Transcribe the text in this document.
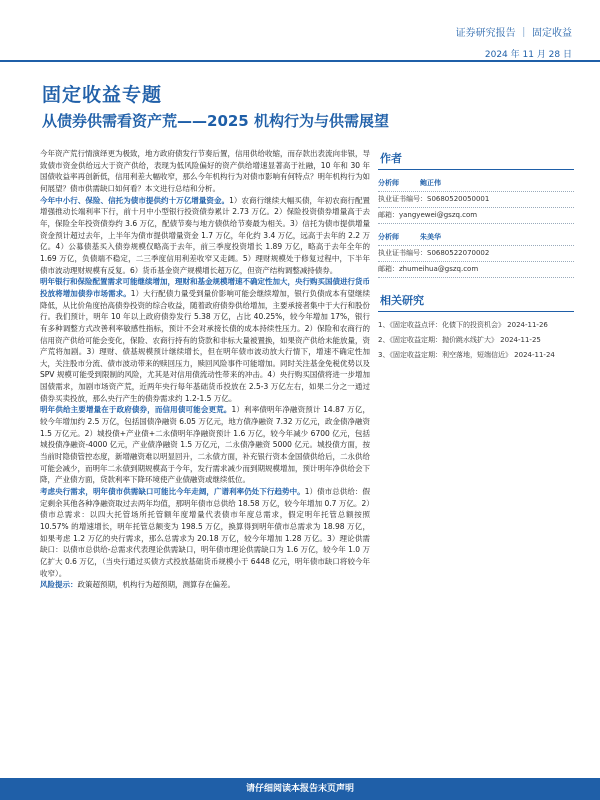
证券研究报告 ｜ 固定收益
2024 年 11 月 28 日
固定收益专题
从债券供需看资产荒——2025 机构行为与供需展望

今年资产荒行情演绎更为极致，地方政府债发行节奏后置，信用供给收缩，而存款出表流向非银，导致债市资金供给远大于资产供给，表现为低风险偏好的资产供给增速显著高于社融，10 年和 30 年国债收益率再创新低，信用利差大幅收窄，那么今年机构行为对债市影响有何特点？明年机构行为如何展望？债市供需缺口如何看？本文进行总结和分析。

今年中小行、保险、信托为债市提供约十万亿增量资金。1）农商行继续大幅买债，年初农商行配置增强推动长端利率下行，前十月中小型银行投资债券累计 2.73 万亿。2）保险投资债券增量高于去年，保险全年投资债券约 3.6 万亿，配债节奏与地方债供给节奏最为相关。3）信托为债市提供增量资金预计超过去年，上半年为债市提供增量资金 1.7 万亿，年化约 3.4 万亿，远高于去年的 2.2 万亿。4）公募债基买入债券规模仅略高于去年，前三季度投资增长 1.89 万亿，略高于去年全年的 1.69 万亿，负债端不稳定，二三季度信用利差收窄又走阔。5）理财规模处于修复过程中，下半年债市波动理财规模有反复。6）货币基金资产规模增长超万亿，但资产结构调整减持债券。

明年银行和保险配置需求可能继续增加，理财和基金规模增速不确定性加大，央行购买国债进行货币投放将增加债券市场需求。1）大行配债力量受到量价影响可能会继续增加，银行负债成本有望继续降低，从比价角度抬高债券投资的综合收益，随着政府债券供给增加，主要承接者集中于大行和股份行。我们预计，明年 10 年以上政府债券发行 5.38 万亿，占比 40.25%，较今年增加 17%，银行有多种调整方式改善利率敏感性指标，预计不会对承接长债的成本持续性压力。2）保险和农商行的信用资产供给可能会变化，保险、农商行持有的贷款和非标大量被置换，如果资产供给未能放量，资产荒将加剧。3）理财、债基规模预计继续增长，但在明年债市波动放大行情下，增速不确定性加大，关注股市分流、债市波动带来的赎回压力，赎回风险事件可能增加。同时关注基金免税优势以及 SPV 规模可能受到限制的风险，尤其是对信用债流动性带来的冲击。4）央行购买国债将进一步增加国债需求，加剧市场资产荒，近两年央行每年基础货币投放在 2.5-3 万亿左右，如果二分之一通过债券买卖投放，那么央行产生的债券需求约 1.2-1.5 万亿。

明年供给主要增量在于政府债券，而信用债可能会更荒。1）利率债明年净融资预计 14.87 万亿，较今年增加约 2.5 万亿，包括国债净融资 6.05 万亿元，地方债净融资 7.32 万亿元，政金债净融资 1.5 万亿元。2）城投债+产业债+二永债明年净融资预计 1.6 万亿，较今年减少 6700 亿元，包括城投债净融资-4000 亿元，产业债净融资 1.5 万亿元，二永债净融资 5000 亿元。城投债方面，按当前时隐债管控态度，新增融资难以明显回升，二永债方面，补充银行资本金国债供给后，二永供给可能会减少，而明年二永债到期规模高于今年，发行需求减少而到期规模增加，预计明年净供给会下降，产业债方面，贷款利率下降环境使产业债融资或继续低位。

考虑央行需求，明年债市供需缺口可能比今年走阔，广谱利率仍处下行趋势中。1）债市总供给：假定剩余其他各种净融资取过去两年均值，那明年债市总供给 18.58 万亿，较今年增加 0.7 万亿。2）债市总需求：以四大托管场所托管额年度增量代表债市年度总需求，假定明年托管总额按照 10.57% 的增速增长，明年托管总额变为 198.5 万亿，换算得到明年债市总需求为 18.98 万亿，如果考虑 1.2 万亿的央行需求，那么总需求为 20.18 万亿，较今年增加 1.28 万亿。3）理论供需缺口：以债市总供给-总需求代表理论供需缺口，明年债市理论供需缺口为 1.6 万亿，较今年 1.0 万亿扩大 0.6 万亿，（当央行通过买债方式投放基础货币规模小于 6448 亿元，明年债市缺口将较今年收窄）。

风险提示：政策超预期，机构行为超预期，测算存在偏差。

作者
分析师	鲍正伟
执业证书编号：S0680520050001
邮箱：yangyewei@gszq.com
分析师	朱美华
执业证书编号：S0680522070002
邮箱：zhumeihua@gszq.com
相关研究
1、《固定收益点评：化债下的投资机会》 2024-11-26
2、《固定收益定期：抛价跳水线扩大》 2024-11-25
3、《固定收益定期：利空落地，短端信近》 2024-11-24
请仔细阅读本报告末页声明
